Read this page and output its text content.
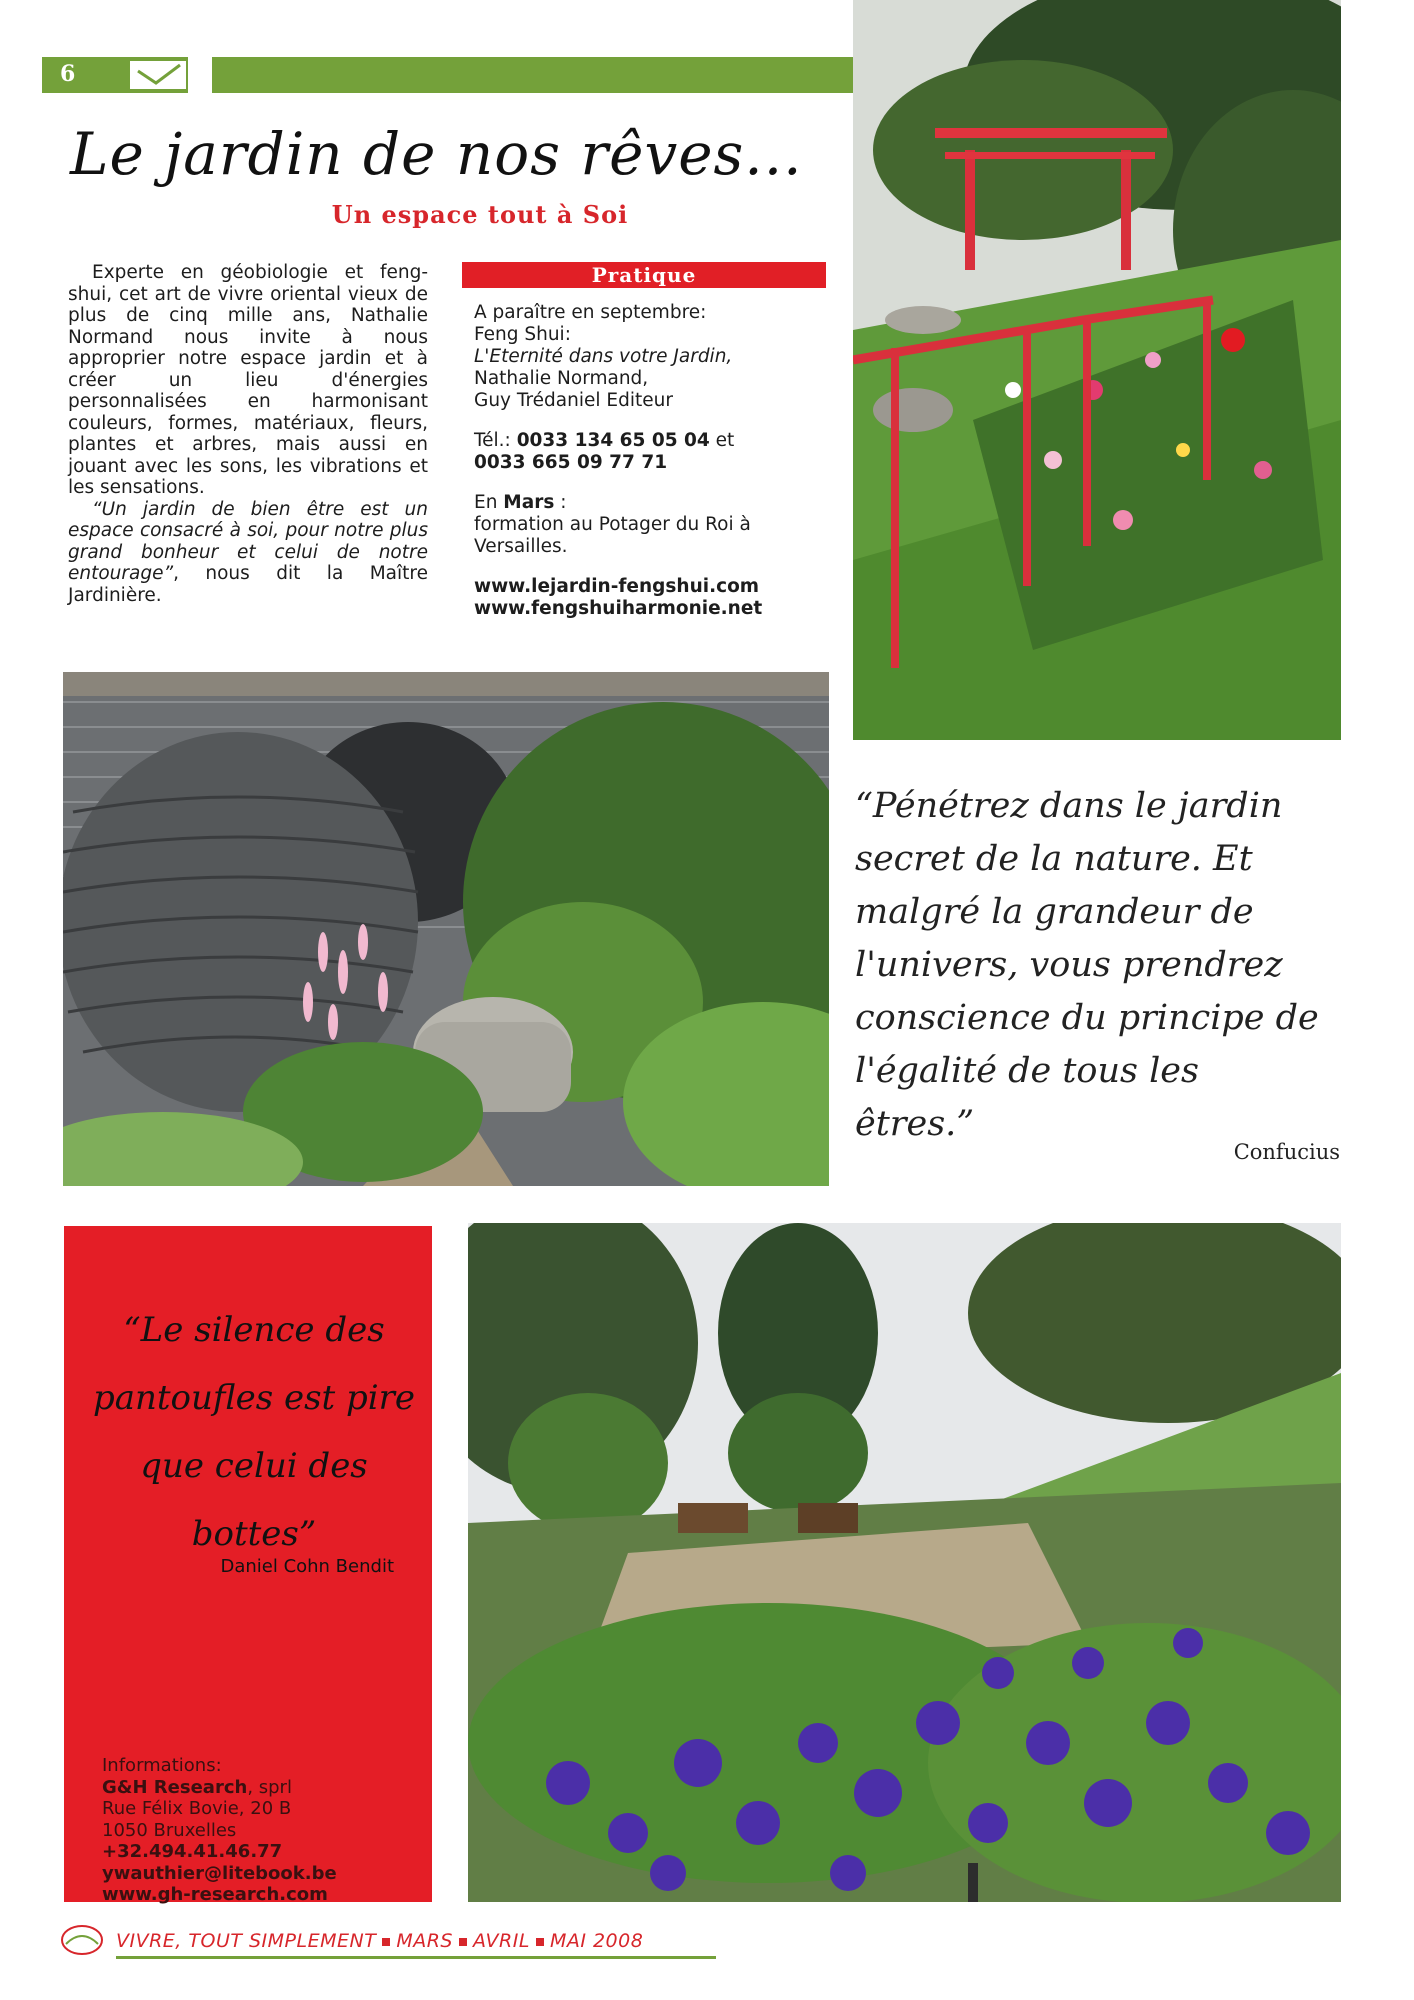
6
Le jardin de nos rêves...
Un espace tout à Soi

Experte en géobiologie et feng-shui, cet art de vivre oriental vieux de plus de cinq mille ans, Nathalie Normand nous invite à nous approprier notre espace jardin et à créer un lieu d'énergies personnalisées en harmonisant couleurs, formes, matériaux, fleurs, plantes et arbres, mais aussi en jouant avec les sons, les vibrations et les sensations.

“Un jardin de bien être est un espace consacré à soi, pour notre plus grand bonheur et celui de notre entourage”, nous dit la Maître Jardinière.

Pratique
A paraître en septembre:
Feng Shui:
L'Eternité dans votre Jardin,
Nathalie Normand,
Guy Trédaniel Editeur
Tél.: 0033 134 65 05 04 et
0033 665 09 77 71
En Mars :
formation au Potager du Roi à Versailles.
www.lejardin-fengshui.com
www.fengshuiharmonie.net
“Pénétrez dans le jardin secret de la nature. Et malgré la grandeur de l'univers, vous prendrez conscience du principe de l'égalité de tous les êtres.”
Confucius
“Le silence des pantoufles est pire que celui des bottes”
Daniel Cohn Bendit
Informations:
G&H Research, sprl
Rue Félix Bovie, 20 B
1050 Bruxelles
+32.494.41.46.77
ywauthier@litebook.be
www.gh-research.com
VIVRE, TOUT SIMPLEMENT MARS AVRIL MAI 2008
